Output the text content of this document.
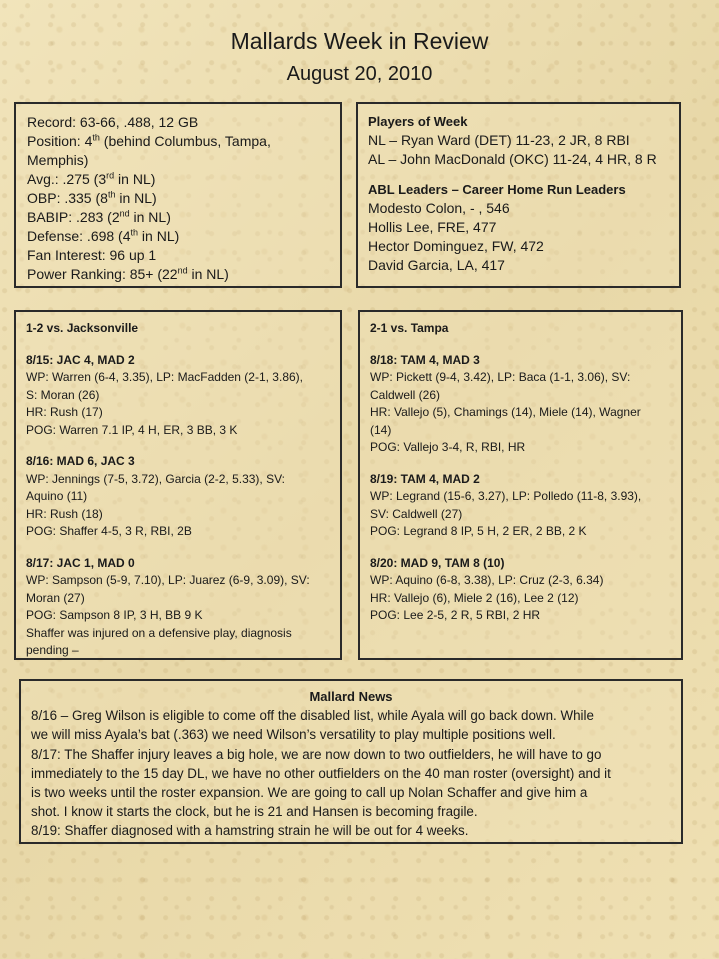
Mallards Week in Review
August 20, 2010
Record: 63-66, .488, 12 GB
Position: 4th (behind Columbus, Tampa,
Memphis)
Avg.: .275 (3rd in NL)
OBP: .335 (8th in NL)
BABIP: .283 (2nd in NL)
Defense: .698 (4th in NL)
Fan Interest: 96 up 1
Power Ranking: 85+ (22nd in NL)
Players of Week
NL – Ryan Ward (DET) 11-23, 2 JR, 8 RBI
AL – John MacDonald (OKC) 11-24, 4 HR, 8 R
ABL Leaders – Career Home Run Leaders
Modesto Colon, - , 546
Hollis Lee, FRE, 477
Hector Dominguez, FW, 472
David Garcia, LA, 417
1-2 vs. Jacksonville
8/15: JAC 4, MAD 2
WP: Warren (6-4, 3.35), LP: MacFadden (2-1, 3.86),
S: Moran (26)
HR: Rush (17)
POG: Warren 7.1 IP, 4 H, ER, 3 BB, 3 K
8/16: MAD 6, JAC 3
WP: Jennings (7-5, 3.72), Garcia (2-2, 5.33), SV:
Aquino (11)
HR: Rush (18)
POG: Shaffer 4-5, 3 R, RBI, 2B
8/17: JAC 1, MAD 0
WP: Sampson (5-9, 7.10), LP: Juarez (6-9, 3.09), SV:
Moran (27)
POG: Sampson 8 IP, 3 H, BB 9 K
Shaffer was injured on a defensive play, diagnosis
pending –
2-1 vs. Tampa
8/18: TAM 4, MAD 3
WP: Pickett (9-4, 3.42), LP: Baca (1-1, 3.06), SV:
Caldwell (26)
HR: Vallejo (5), Chamings (14), Miele (14), Wagner
(14)
POG: Vallejo 3-4, R, RBI, HR
8/19: TAM 4, MAD 2
WP: Legrand (15-6, 3.27), LP: Polledo (11-8, 3.93),
SV: Caldwell (27)
POG: Legrand 8 IP, 5 H, 2 ER, 2 BB, 2 K
8/20: MAD 9, TAM 8 (10)
WP: Aquino (6-8, 3.38), LP: Cruz (2-3, 6.34)
HR: Vallejo (6), Miele 2 (16), Lee 2 (12)
POG: Lee 2-5, 2 R, 5 RBI, 2 HR
Mallard News
8/16 – Greg Wilson is eligible to come off the disabled list, while Ayala will go back down. While
we will miss Ayala’s bat (.363) we need Wilson’s versatility to play multiple positions well.
8/17: The Shaffer injury leaves a big hole, we are now down to two outfielders, he will have to go
immediately to the 15 day DL, we have no other outfielders on the 40 man roster (oversight) and it
is two weeks until the roster expansion. We are going to call up Nolan Schaffer and give him a
shot. I know it starts the clock, but he is 21 and Hansen is becoming fragile.
8/19: Shaffer diagnosed with a hamstring strain he will be out for 4 weeks.
